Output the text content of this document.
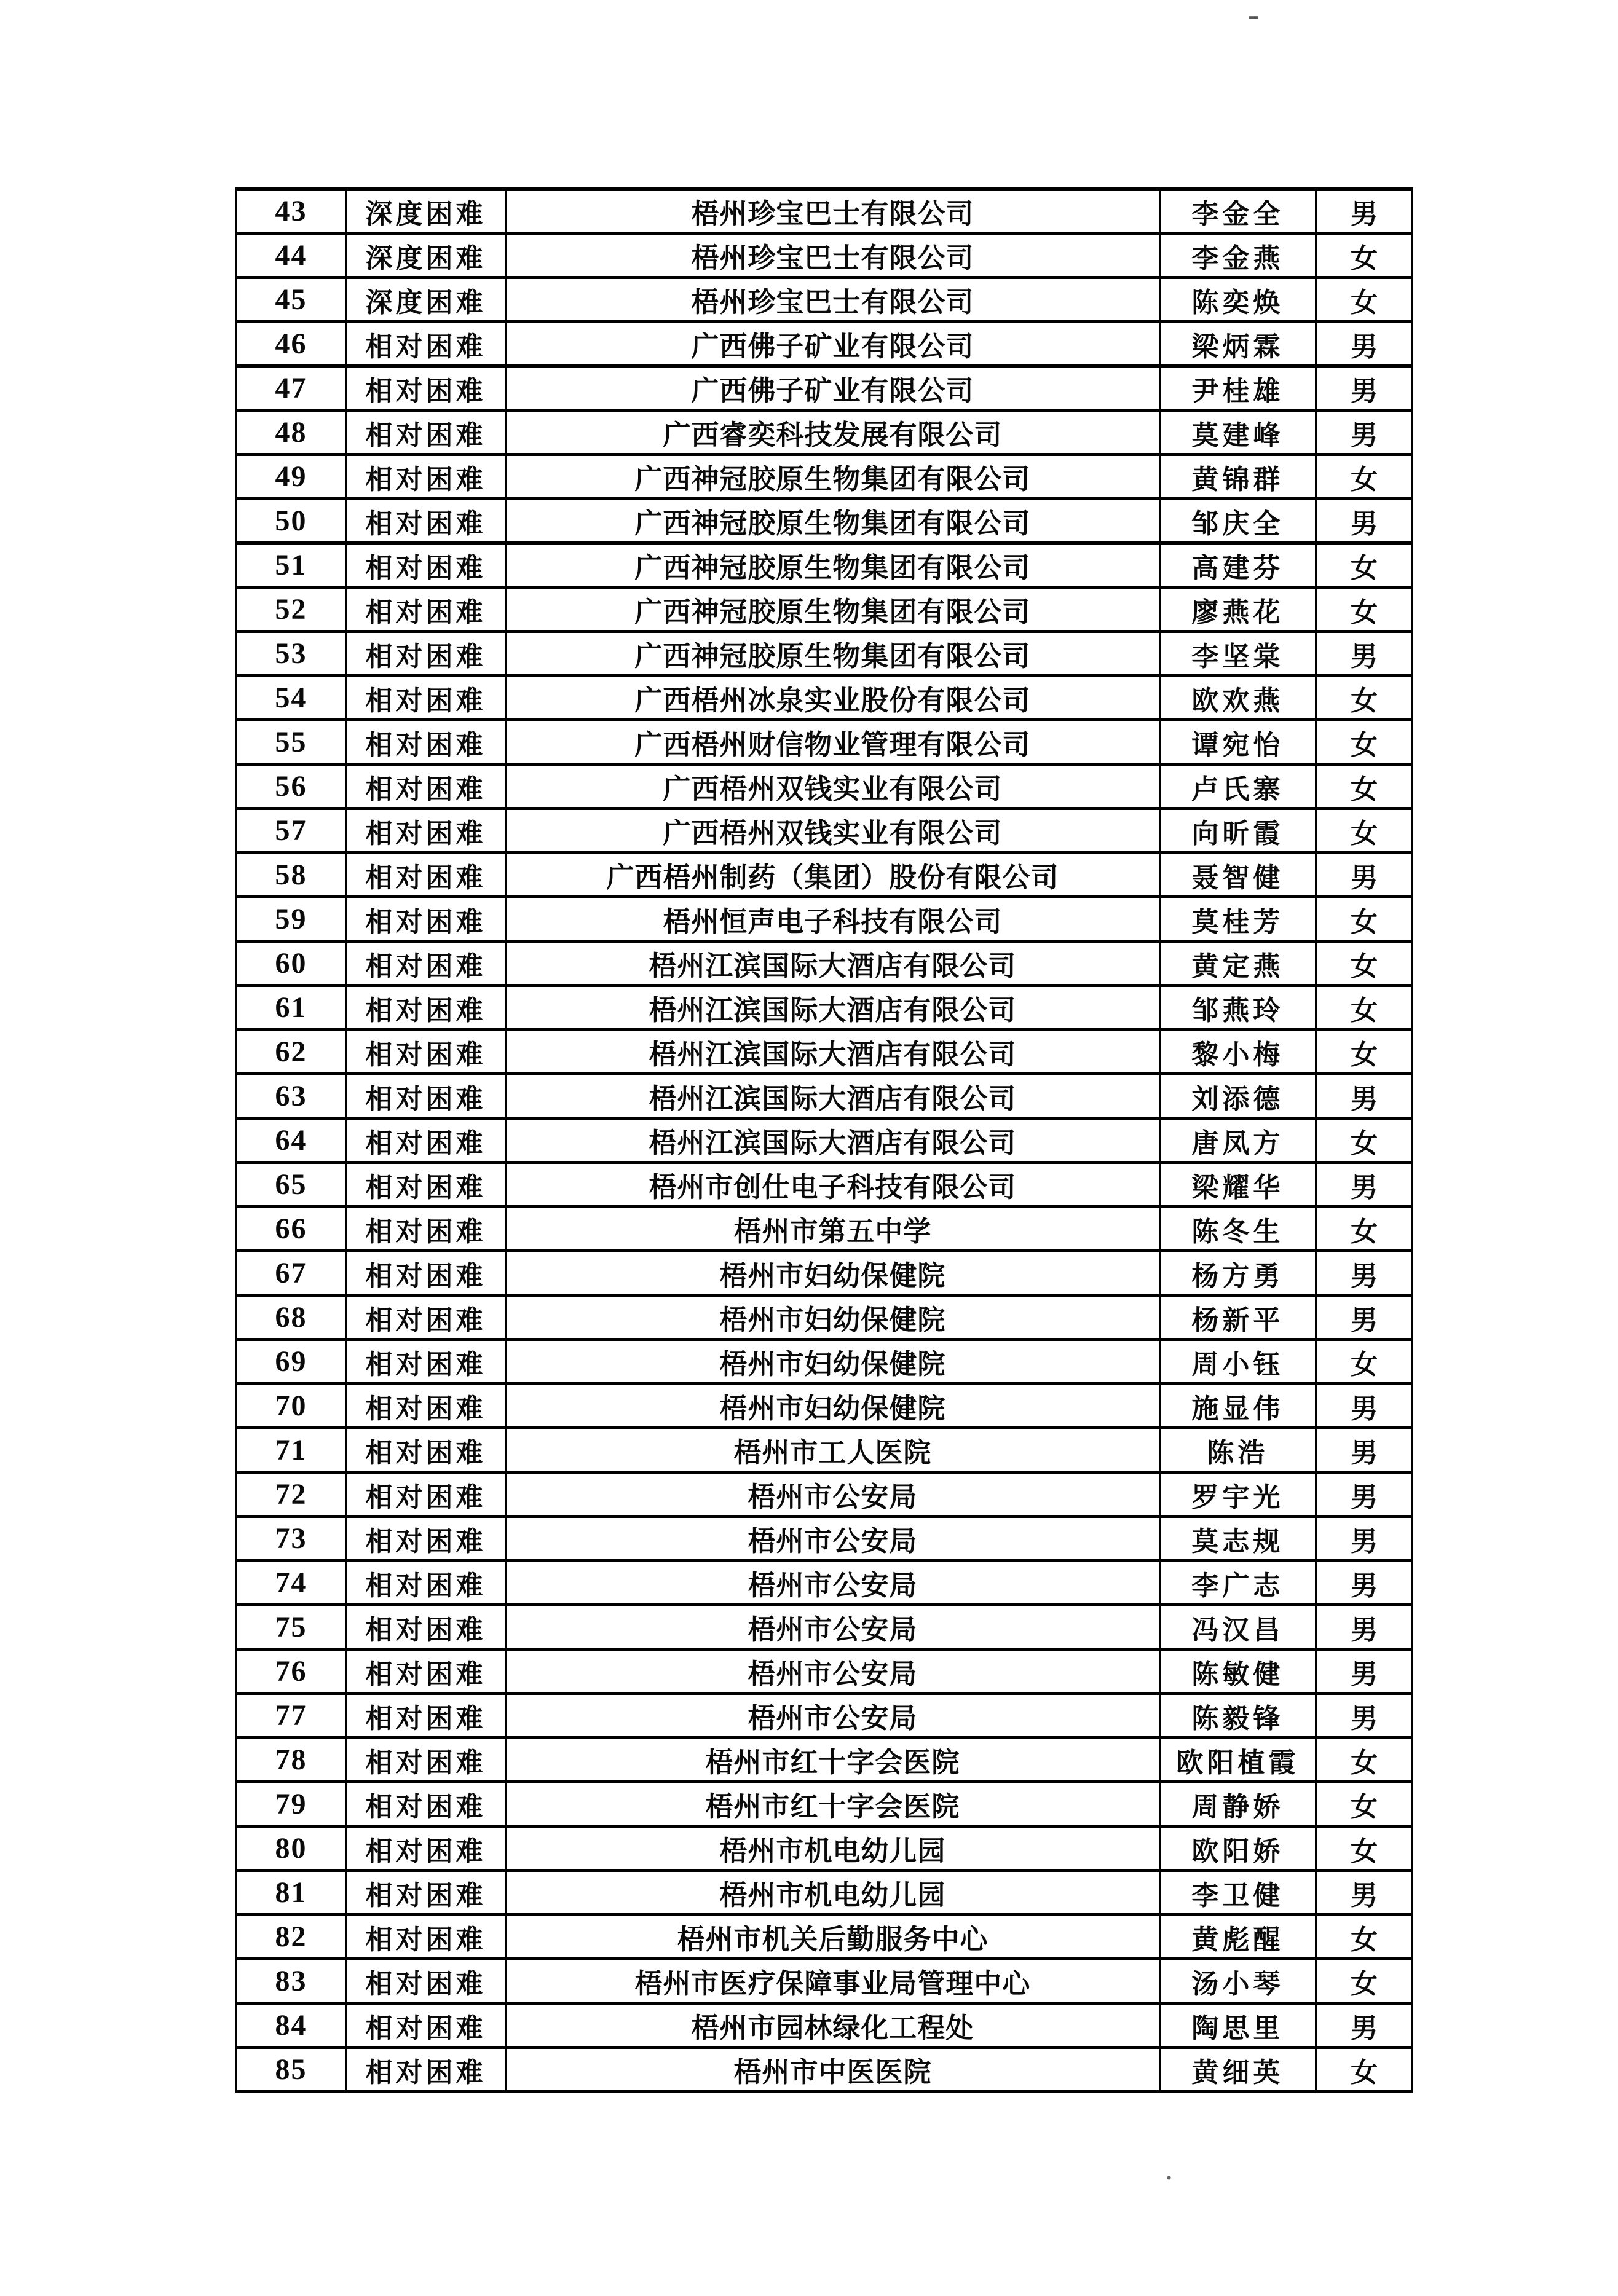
-
43	深度困难	梧州珍宝巴士有限公司	李金全	男
44	深度困难	梧州珍宝巴士有限公司	李金燕	女
45	深度困难	梧州珍宝巴士有限公司	陈奕焕	女
46	相对困难	广西佛子矿业有限公司	梁炳霖	男
47	相对困难	广西佛子矿业有限公司	尹桂雄	男
48	相对困难	广西睿奕科技发展有限公司	莫建峰	男
49	相对困难	广西神冠胶原生物集团有限公司	黄锦群	女
50	相对困难	广西神冠胶原生物集团有限公司	邹庆全	男
51	相对困难	广西神冠胶原生物集团有限公司	高建芬	女
52	相对困难	广西神冠胶原生物集团有限公司	廖燕花	女
53	相对困难	广西神冠胶原生物集团有限公司	李坚棠	男
54	相对困难	广西梧州冰泉实业股份有限公司	欧欢燕	女
55	相对困难	广西梧州财信物业管理有限公司	谭宛怡	女
56	相对困难	广西梧州双钱实业有限公司	卢氏寨	女
57	相对困难	广西梧州双钱实业有限公司	向昕霞	女
58	相对困难	广西梧州制药（集团）股份有限公司	聂智健	男
59	相对困难	梧州恒声电子科技有限公司	莫桂芳	女
60	相对困难	梧州江滨国际大酒店有限公司	黄定燕	女
61	相对困难	梧州江滨国际大酒店有限公司	邹燕玲	女
62	相对困难	梧州江滨国际大酒店有限公司	黎小梅	女
63	相对困难	梧州江滨国际大酒店有限公司	刘添德	男
64	相对困难	梧州江滨国际大酒店有限公司	唐凤方	女
65	相对困难	梧州市创仕电子科技有限公司	梁耀华	男
66	相对困难	梧州市第五中学	陈冬生	女
67	相对困难	梧州市妇幼保健院	杨方勇	男
68	相对困难	梧州市妇幼保健院	杨新平	男
69	相对困难	梧州市妇幼保健院	周小钰	女
70	相对困难	梧州市妇幼保健院	施显伟	男
71	相对困难	梧州市工人医院	陈浩	男
72	相对困难	梧州市公安局	罗宇光	男
73	相对困难	梧州市公安局	莫志规	男
74	相对困难	梧州市公安局	李广志	男
75	相对困难	梧州市公安局	冯汉昌	男
76	相对困难	梧州市公安局	陈敏健	男
77	相对困难	梧州市公安局	陈毅锋	男
78	相对困难	梧州市红十字会医院	欧阳植霞	女
79	相对困难	梧州市红十字会医院	周静娇	女
80	相对困难	梧州市机电幼儿园	欧阳娇	女
81	相对困难	梧州市机电幼儿园	李卫健	男
82	相对困难	梧州市机关后勤服务中心	黄彪醒	女
83	相对困难	梧州市医疗保障事业局管理中心	汤小琴	女
84	相对困难	梧州市园林绿化工程处	陶思里	男
85	相对困难	梧州市中医医院	黄细英	女
.
